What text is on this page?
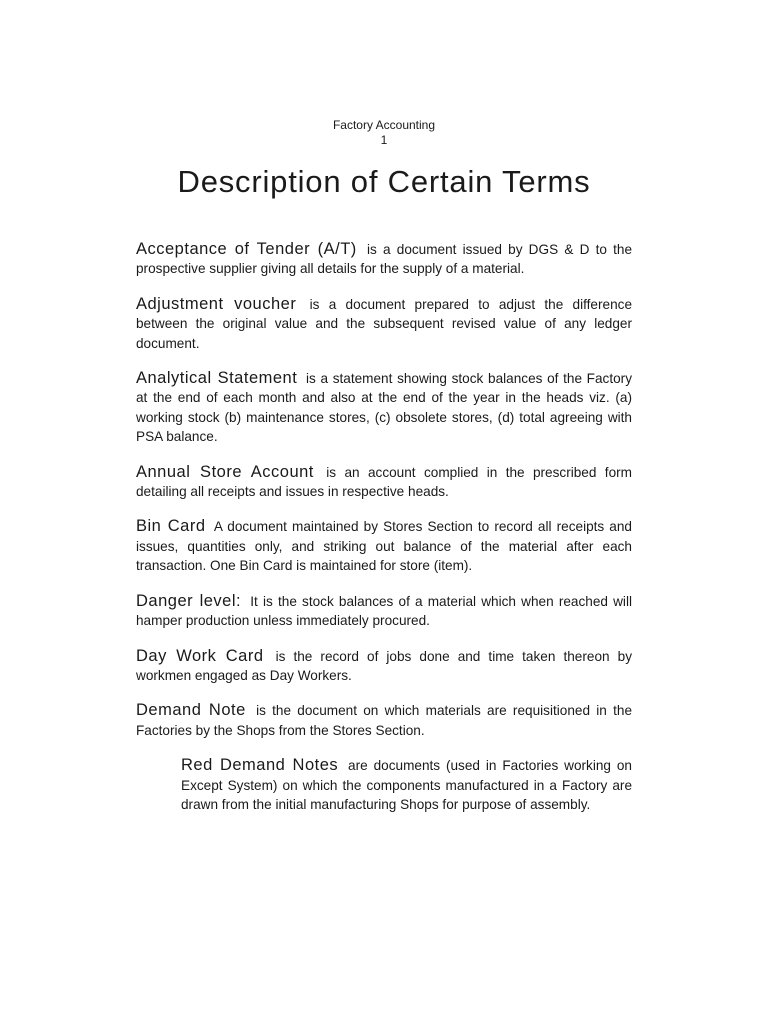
Factory Accounting
1
Description of Certain Terms

Acceptance of Tender (A/T) is a document issued by DGS & D to the prospective supplier giving all details for the supply of a material.

Adjustment voucher is a document prepared to adjust the difference between the original value and the subsequent revised value of any ledger document.

Analytical Statement is a statement showing stock balances of the Factory at the end of each month and also at the end of the year in the heads viz. (a) working stock (b) maintenance stores, (c) obsolete stores, (d) total agreeing with PSA balance.

Annual Store Account is an account complied in the prescribed form detailing all receipts and issues in respective heads.

Bin Card A document maintained by Stores Section to record all receipts and issues, quantities only, and striking out balance of the material after each transaction. One Bin Card is maintained for store (item).

Danger level: It is the stock balances of a material which when reached will hamper production unless immediately procured.

Day Work Card is the record of jobs done and time taken thereon by workmen engaged as Day Workers.

Demand Note is the document on which materials are requisitioned in the Factories by the Shops from the Stores Section.

Red Demand Notes are documents (used in Factories working on Except System) on which the components manufactured in a Factory are drawn from the initial manufacturing Shops for purpose of assembly.
